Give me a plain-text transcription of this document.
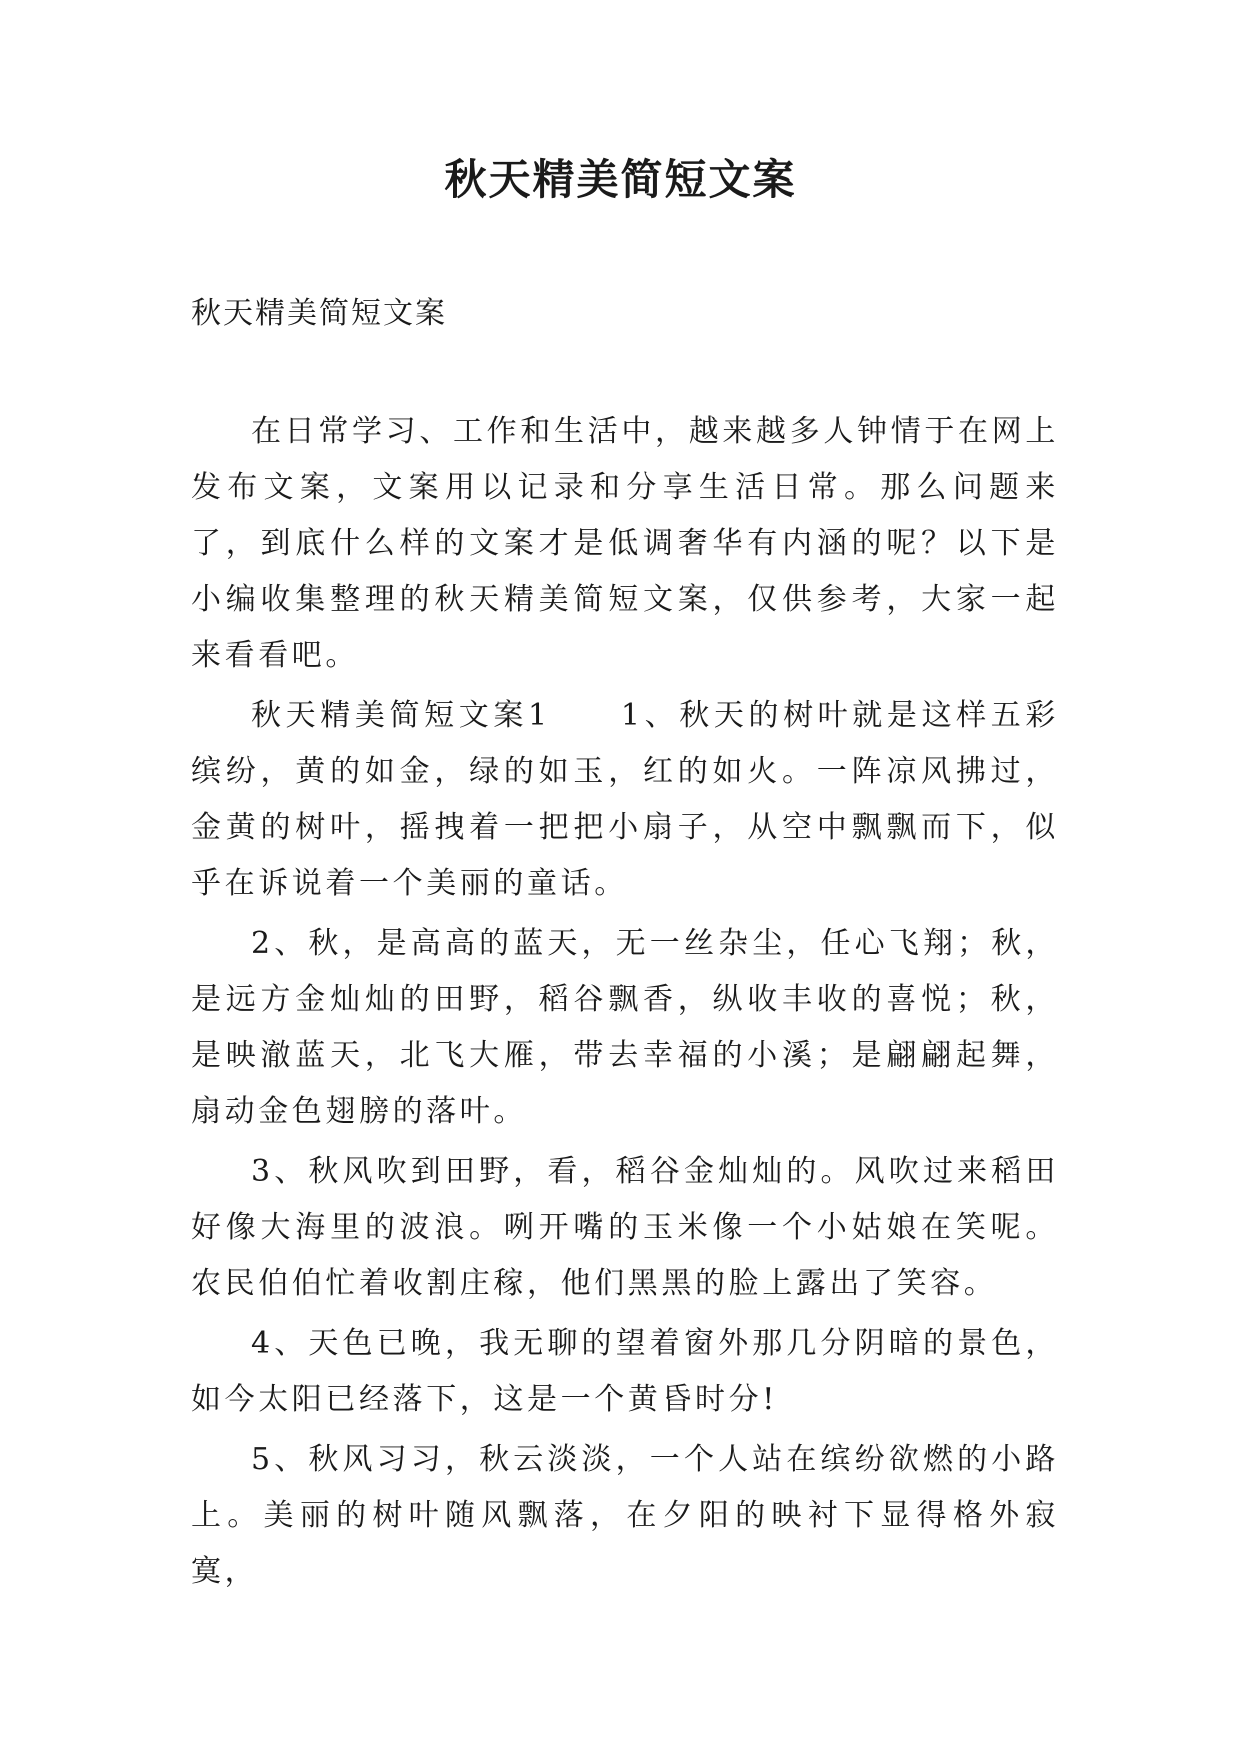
秋天精美简短文案

秋天精美简短文案

在日常学习、工作和生活中，越来越多人钟情于在网上发布文案，文案用以记录和分享生活日常。那么问题来了，到底什么样的文案才是低调奢华有内涵的呢？以下是小编收集整理的秋天精美简短文案，仅供参考，大家一起来看看吧。

秋天精美简短文案1　　1、秋天的树叶就是这样五彩缤纷，黄的如金，绿的如玉，红的如火。一阵凉风拂过，金黄的树叶，摇拽着一把把小扇子，从空中飘飘而下，似乎在诉说着一个美丽的童话。

2、秋，是高高的蓝天，无一丝杂尘，任心飞翔；秋，是远方金灿灿的田野，稻谷飘香，纵收丰收的喜悦；秋，是映澈蓝天，北飞大雁，带去幸福的小溪；是翩翩起舞，扇动金色翅膀的落叶。

3、秋风吹到田野，看，稻谷金灿灿的。风吹过来稻田好像大海里的波浪。咧开嘴的玉米像一个小姑娘在笑呢。农民伯伯忙着收割庄稼，他们黑黑的脸上露出了笑容。

4、天色已晚，我无聊的望着窗外那几分阴暗的景色，如今太阳已经落下，这是一个黄昏时分!

5、秋风习习，秋云淡淡，一个人站在缤纷欲燃的小路上。美丽的树叶随风飘落，在夕阳的映衬下显得格外寂寞，
